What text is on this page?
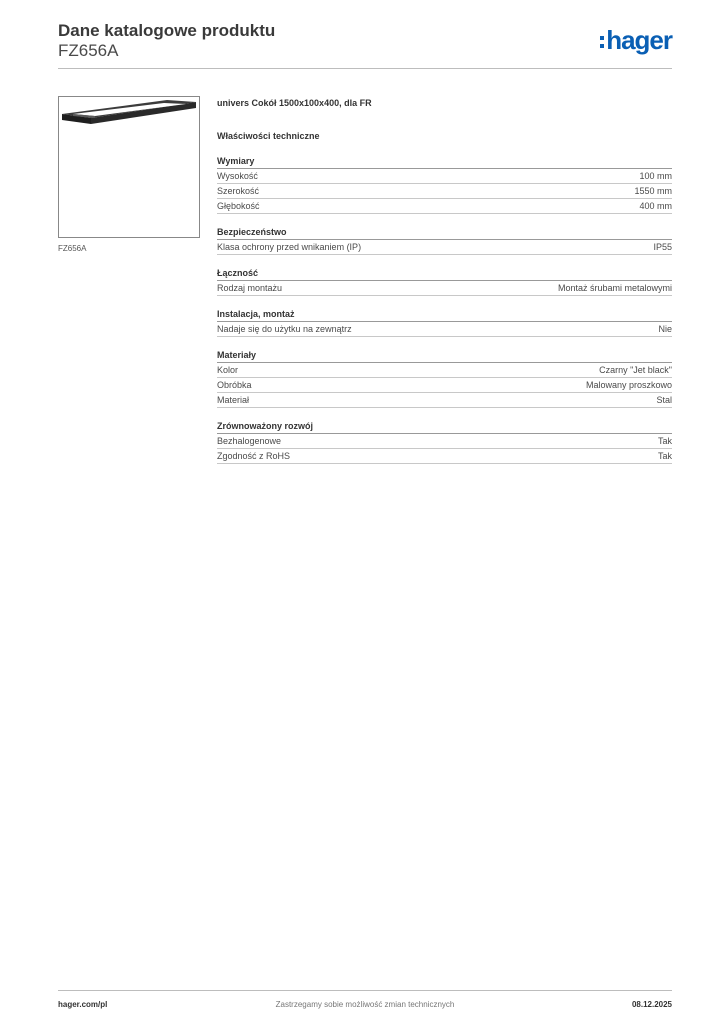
Dane katalogowe produktu
FZ656A	hager
FZ656A
univers Cokół 1500x100x400, dla FR
Właściwości techniczne
Wymiary
Wysokość	100 mm
Szerokość	1550 mm
Głębokość	400 mm
Bezpieczeństwo
Klasa ochrony przed wnikaniem (IP)	IP55
Łączność
Rodzaj montażu	Montaż śrubami metalowymi
Instalacja, montaż
Nadaje się do użytku na zewnątrz	Nie
Materiały
Kolor	Czarny "Jet black"
Obróbka	Malowany proszkowo
Materiał	Stal
Zrównoważony rozwój
Bezhalogenowe	Tak
Zgodność z RoHS	Tak
hager.com/pl	Zastrzegamy sobie możliwość zmian technicznych	08.12.2025
